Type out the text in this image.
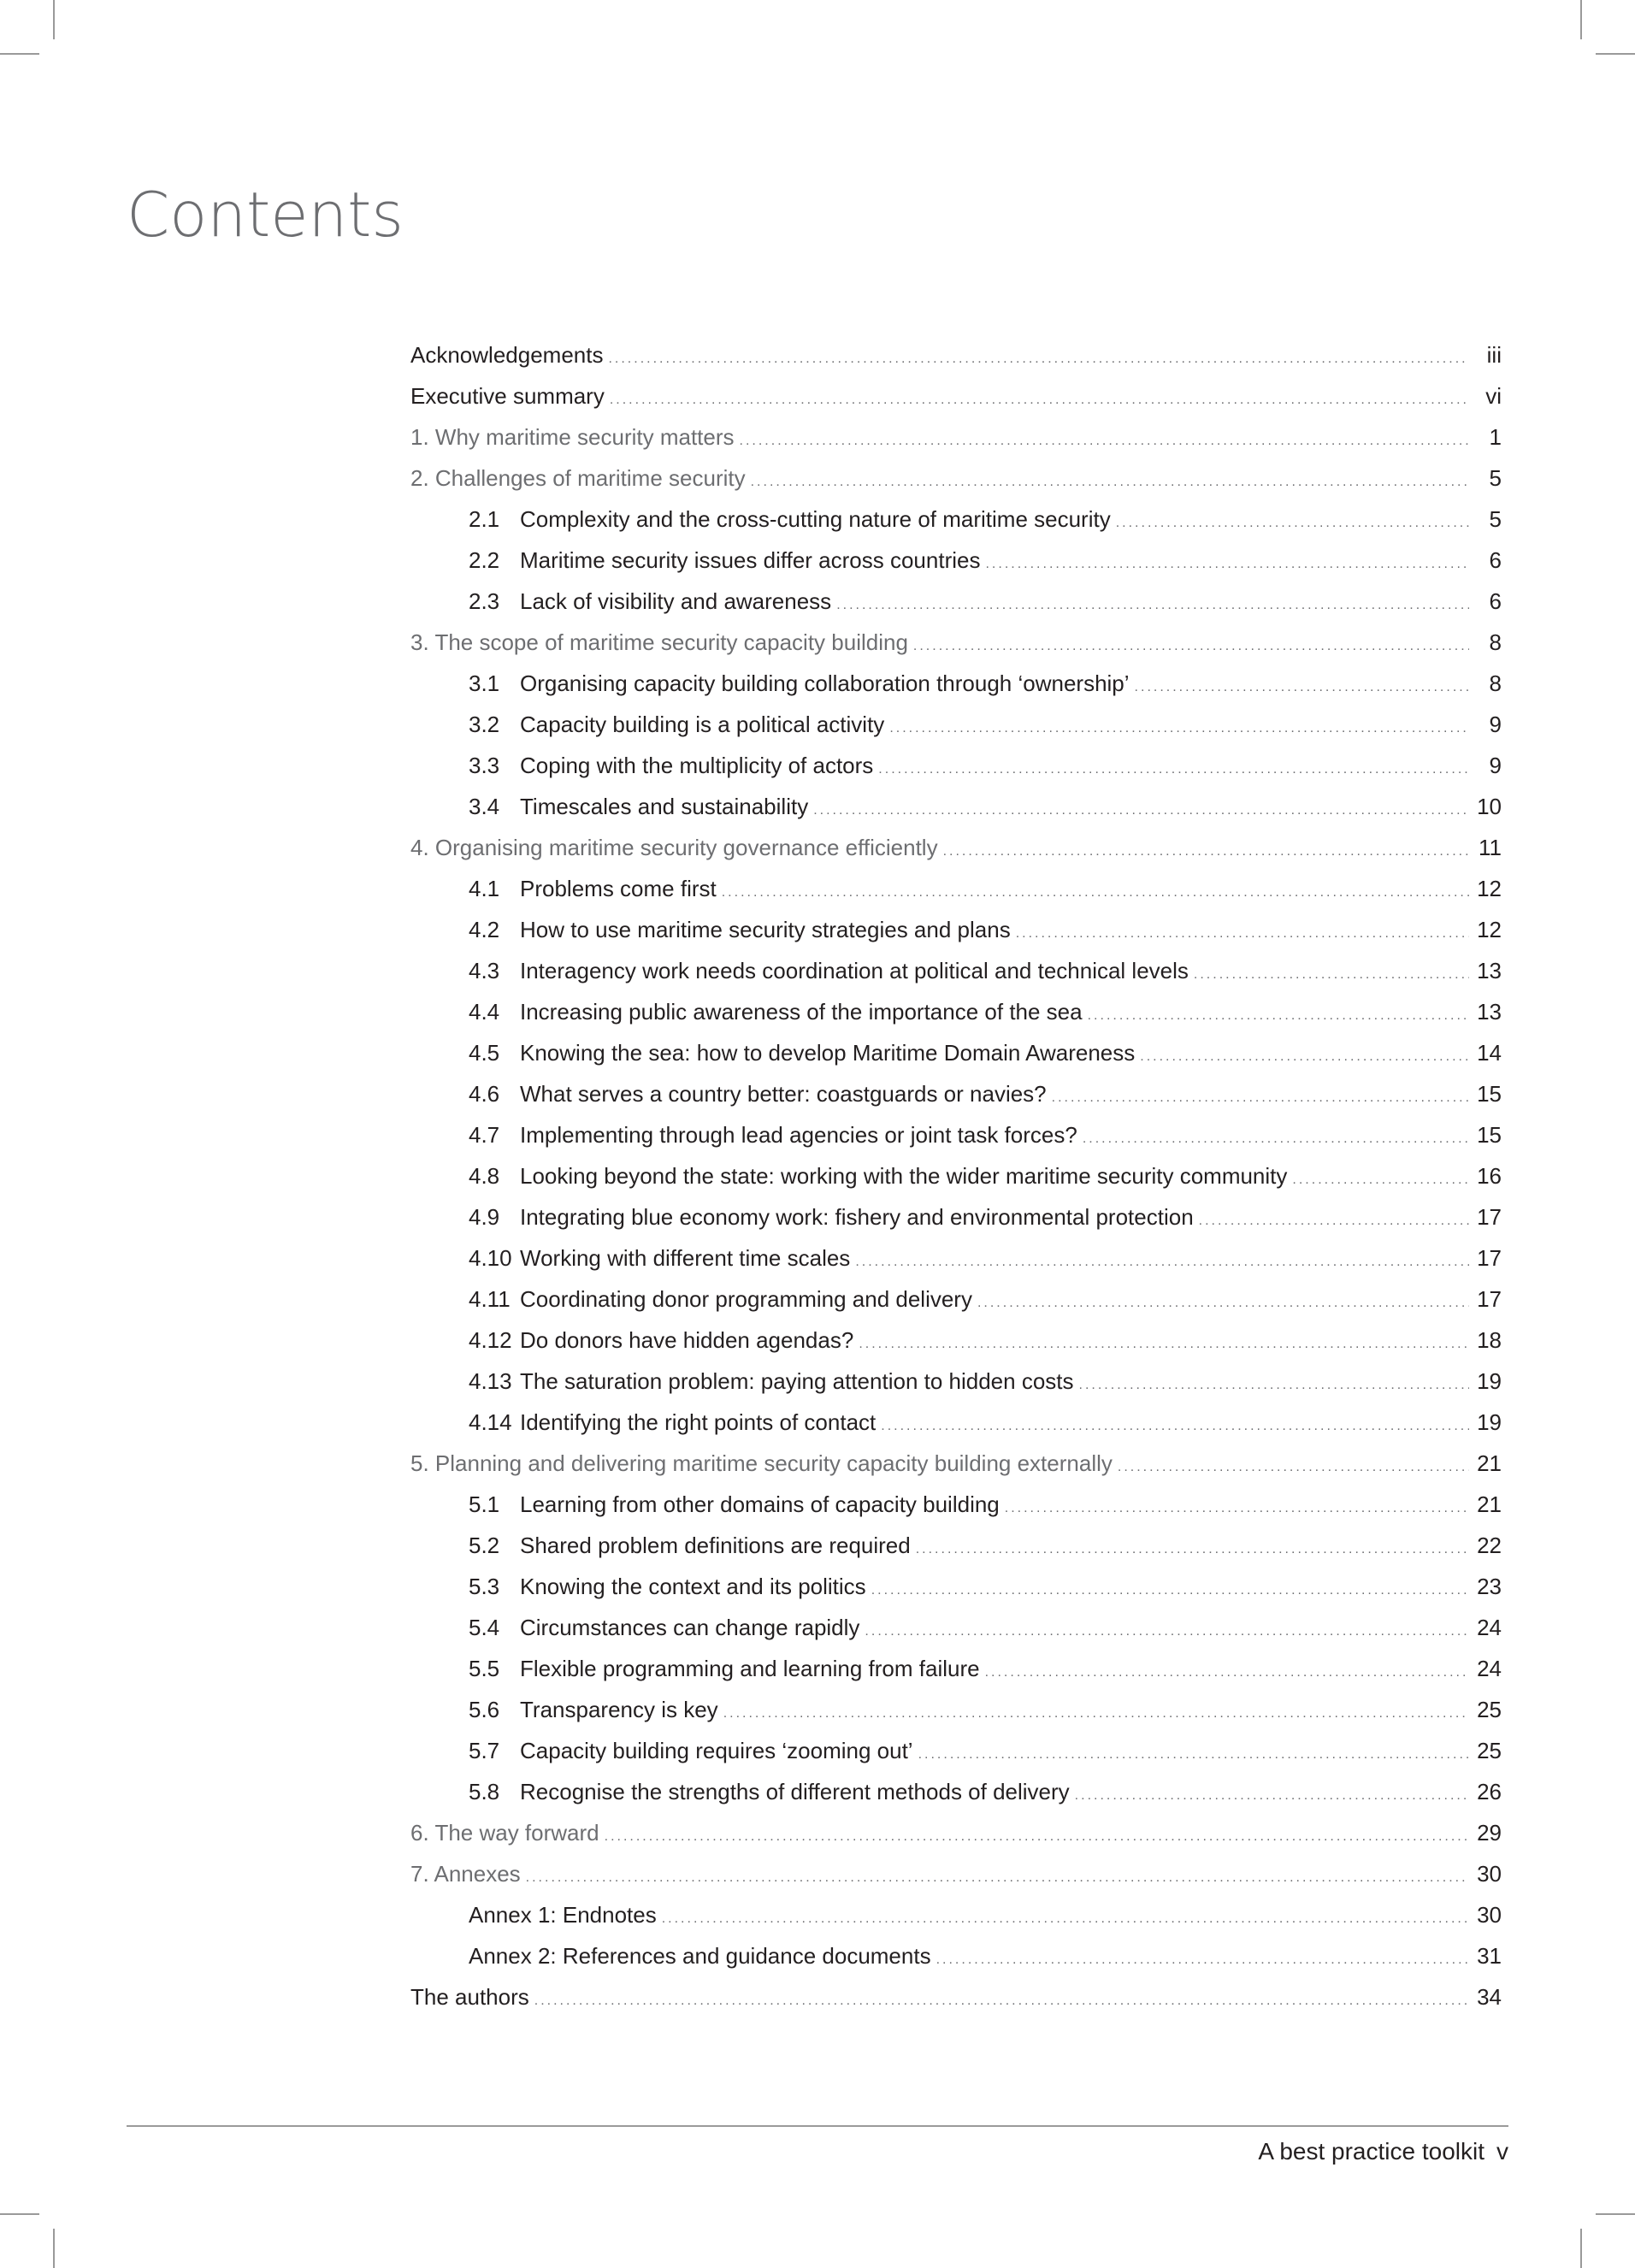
Contents
Acknowledgements .....	iii
Executive summary .....	vi
1. Why maritime security matters .....	1
2. Challenges of maritime security .....	5
2.1 Complexity and the cross-cutting nature of maritime security .....	5
2.2 Maritime security issues differ across countries .....	6
2.3 Lack of visibility and awareness .....	6
3. The scope of maritime security capacity building .....	8
3.1 Organising capacity building collaboration through ‘ownership’ .....	8
3.2 Capacity building is a political activity .....	9
3.3 Coping with the multiplicity of actors .....	9
3.4 Timescales and sustainability .....	10
4. Organising maritime security governance efficiently .....	11
4.1 Problems come first .....	12
4.2 How to use maritime security strategies and plans .....	12
4.3 Interagency work needs coordination at political and technical levels .....	13
4.4 Increasing public awareness of the importance of the sea .....	13
4.5 Knowing the sea: how to develop Maritime Domain Awareness .....	14
4.6 What serves a country better: coastguards or navies? .....	15
4.7 Implementing through lead agencies or joint task forces? .....	15
4.8 Looking beyond the state: working with the wider maritime security community .....	16
4.9 Integrating blue economy work: fishery and environmental protection .....	17
4.10 Working with different time scales .....	17
4.11 Coordinating donor programming and delivery .....	17
4.12 Do donors have hidden agendas? .....	18
4.13 The saturation problem: paying attention to hidden costs .....	19
4.14 Identifying the right points of contact .....	19
5. Planning and delivering maritime security capacity building externally .....	21
5.1 Learning from other domains of capacity building .....	21
5.2 Shared problem definitions are required .....	22
5.3 Knowing the context and its politics .....	23
5.4 Circumstances can change rapidly .....	24
5.5 Flexible programming and learning from failure .....	24
5.6 Transparency is key .....	25
5.7 Capacity building requires ‘zooming out’ .....	25
5.8 Recognise the strengths of different methods of delivery .....	26
6. The way forward .....	29
7. Annexes .....	30
Annex 1: Endnotes .....	30
Annex 2: References and guidance documents .....	31
The authors .....	34
A best practice toolkit v
